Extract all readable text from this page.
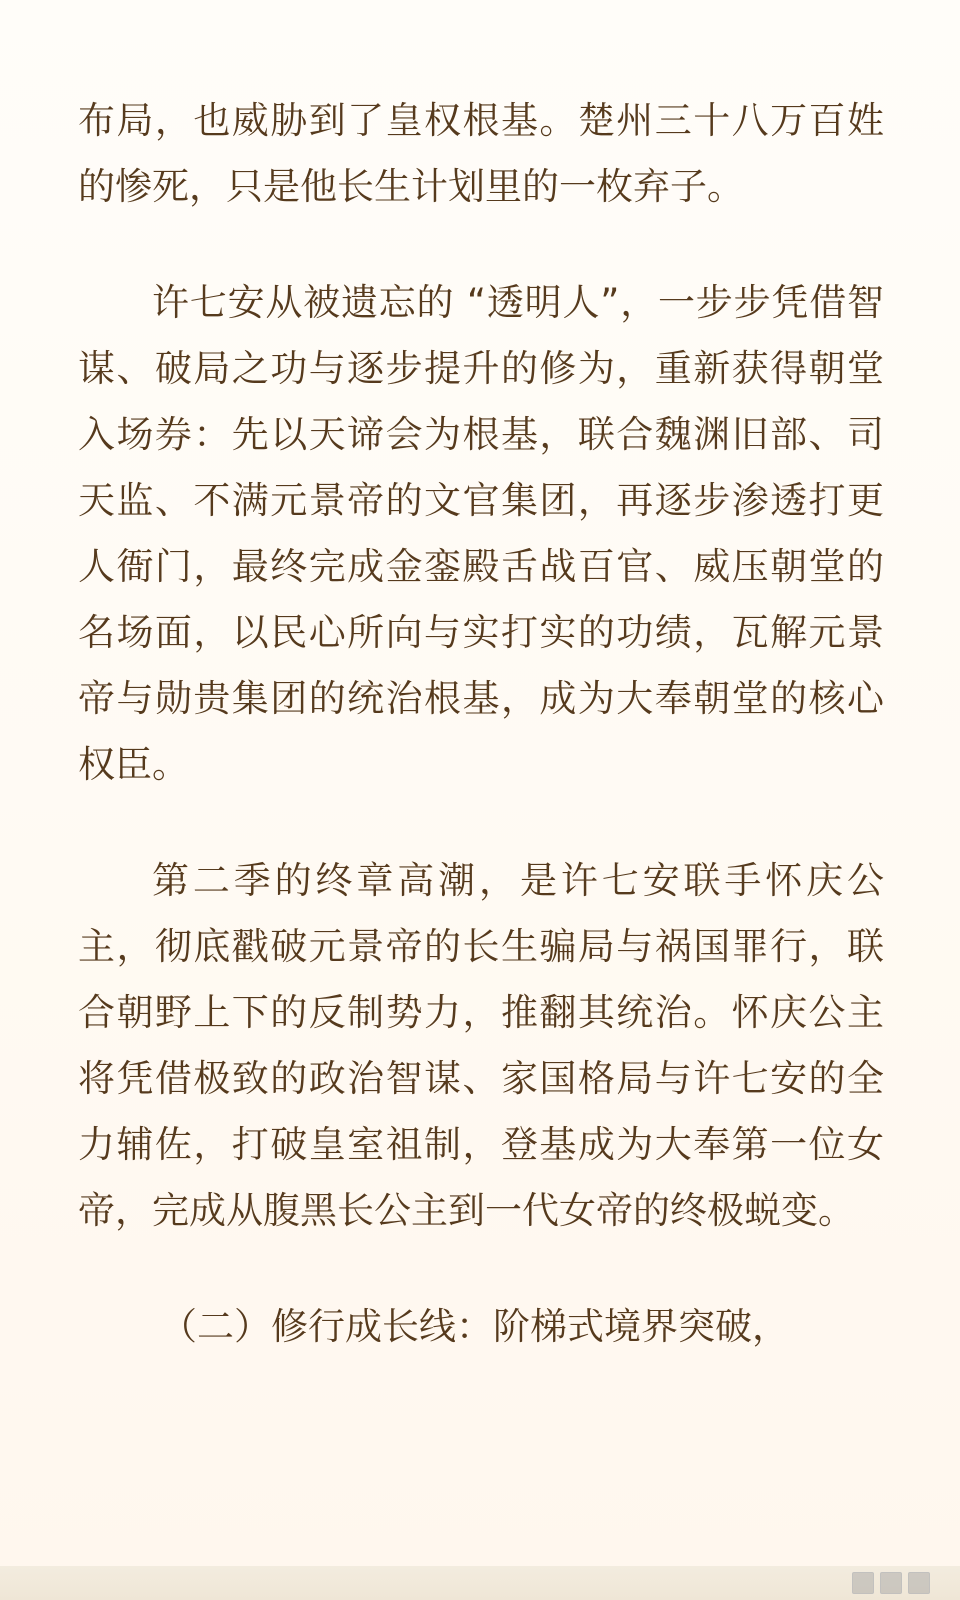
布局，也威胁到了皇权根基。楚州三十八万百姓的惨死，只是他长生计划里的一枚弃子。

许七安从被遗忘的 “透明人”，一步步凭借智谋、破局之功与逐步提升的修为，重新获得朝堂入场券：先以天谛会为根基，联合魏渊旧部、司天监、不满元景帝的文官集团，再逐步渗透打更人衙门，最终完成金銮殿舌战百官、威压朝堂的名场面，以民心所向与实打实的功绩，瓦解元景帝与勋贵集团的统治根基，成为大奉朝堂的核心权臣。

第二季的终章高潮，是许七安联手怀庆公主，彻底戳破元景帝的长生骗局与祸国罪行，联合朝野上下的反制势力，推翻其统治。怀庆公主将凭借极致的政治智谋、家国格局与许七安的全力辅佐，打破皇室祖制，登基成为大奉第一位女帝，完成从腹黑长公主到一代女帝的终极蜕变。

（二）修行成长线：阶梯式境界突破，
